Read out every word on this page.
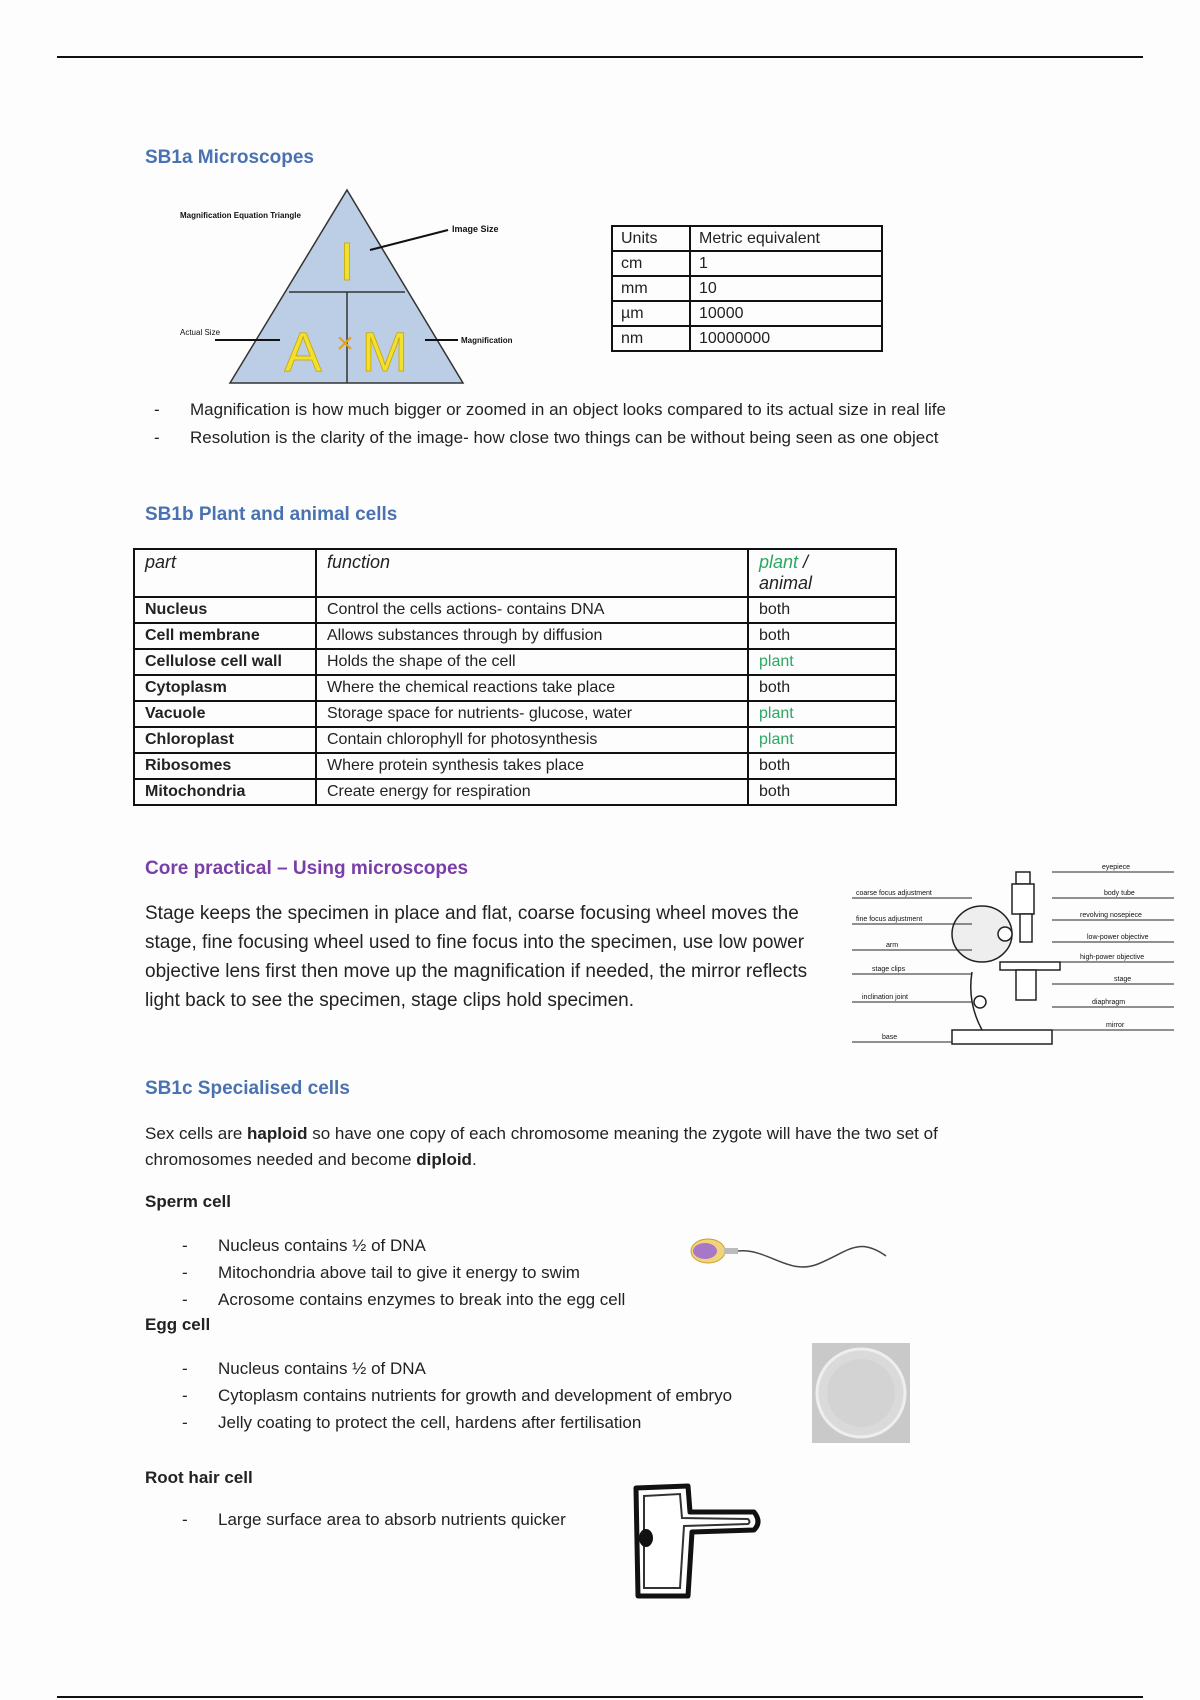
SB1a Microscopes
I
A × M
Magnification Equation Triangle
Image Size
Actual Size
Magnification
Units	Metric equivalent
cm	1
mm	10
µm	10000
nm	10000000
- Magnification is how much bigger or zoomed in an object looks compared to its actual size in real life
- Resolution is the clarity of the image- how close two things can be without being seen as one object
SB1b Plant and animal cells
part	function	plant /
animal
Nucleus	Control the cells actions- contains DNA	both
Cell membrane	Allows substances through by diffusion	both
Cellulose cell wall	Holds the shape of the cell	plant
Cytoplasm	Where the chemical reactions take place	both
Vacuole	Storage space for nutrients- glucose, water	plant
Chloroplast	Contain chlorophyll for photosynthesis	plant
Ribosomes	Where protein synthesis takes place	both
Mitochondria	Create energy for respiration	both
Core practical – Using microscopes
Stage keeps the specimen in place and flat, coarse focusing wheel moves the stage, fine focusing wheel used to fine focus into the specimen, use low power objective lens first then move up the magnification if needed, the mirror reflects light back to see the specimen, stage clips hold specimen.
coarse focus adjustment
fine focus adjustment
arm
stage clips
inclination joint
base
eyepiece
body tube
revolving nosepiece
low-power objective
high-power objective
stage
diaphragm
mirror
SB1c Specialised cells
Sex cells are haploid so have one copy of each chromosome meaning the zygote will have the two set of chromosomes needed and become diploid.
Sperm cell
- Nucleus contains ½ of DNA
- Mitochondria above tail to give it energy to swim
- Acrosome contains enzymes to break into the egg cell
Egg cell
- Nucleus contains ½ of DNA
- Cytoplasm contains nutrients for growth and development of embryo
- Jelly coating to protect the cell, hardens after fertilisation
Root hair cell
- Large surface area to absorb nutrients quicker
